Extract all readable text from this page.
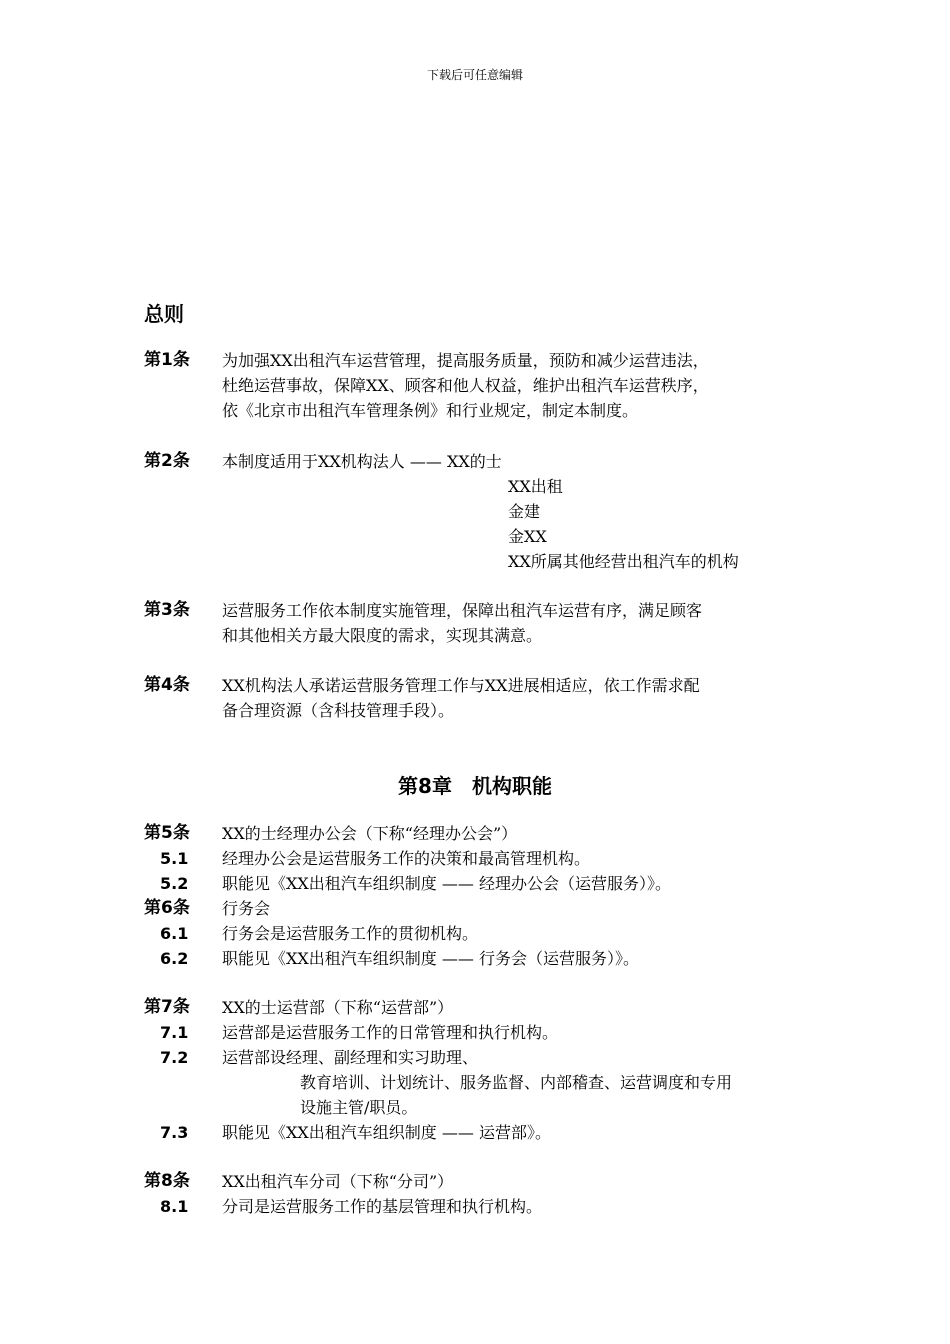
下载后可任意编辑
总则
第1条 为加强XX出租汽车运营管理，提高服务质量，预防和减少运营违法，
杜绝运营事故，保障XX、顾客和他人权益，维护出租汽车运营秩序，
依《北京市出租汽车管理条例》和行业规定，制定本制度。
第2条 本制度适用于XX机构法人 —— XX的士
XX出租
金建
金XX
XX所属其他经营出租汽车的机构
第3条 运营服务工作依本制度实施管理，保障出租汽车运营有序，满足顾客
和其他相关方最大限度的需求，实现其满意。
第4条 XX机构法人承诺运营服务管理工作与XX进展相适应，依工作需求配
备合理资源（含科技管理手段）。
第8章　机构职能
第5条 XX的士经理办公会（下称“经理办公会”）
5.1 经理办公会是运营服务工作的决策和最高管理机构。
5.2 职能见《XX出租汽车组织制度 —— 经理办公会（运营服务）》。
第6条 行务会
6.1 行务会是运营服务工作的贯彻机构。
6.2 职能见《XX出租汽车组织制度 —— 行务会（运营服务）》。
第7条 XX的士运营部（下称“运营部”）
7.1 运营部是运营服务工作的日常管理和执行机构。
7.2 运营部设经理、副经理和实习助理、
教育培训、计划统计、服务监督、内部稽查、运营调度和专用
设施主管/职员。
7.3 职能见《XX出租汽车组织制度 —— 运营部》。
第8条 XX出租汽车分司（下称“分司”）
8.1 分司是运营服务工作的基层管理和执行机构。
